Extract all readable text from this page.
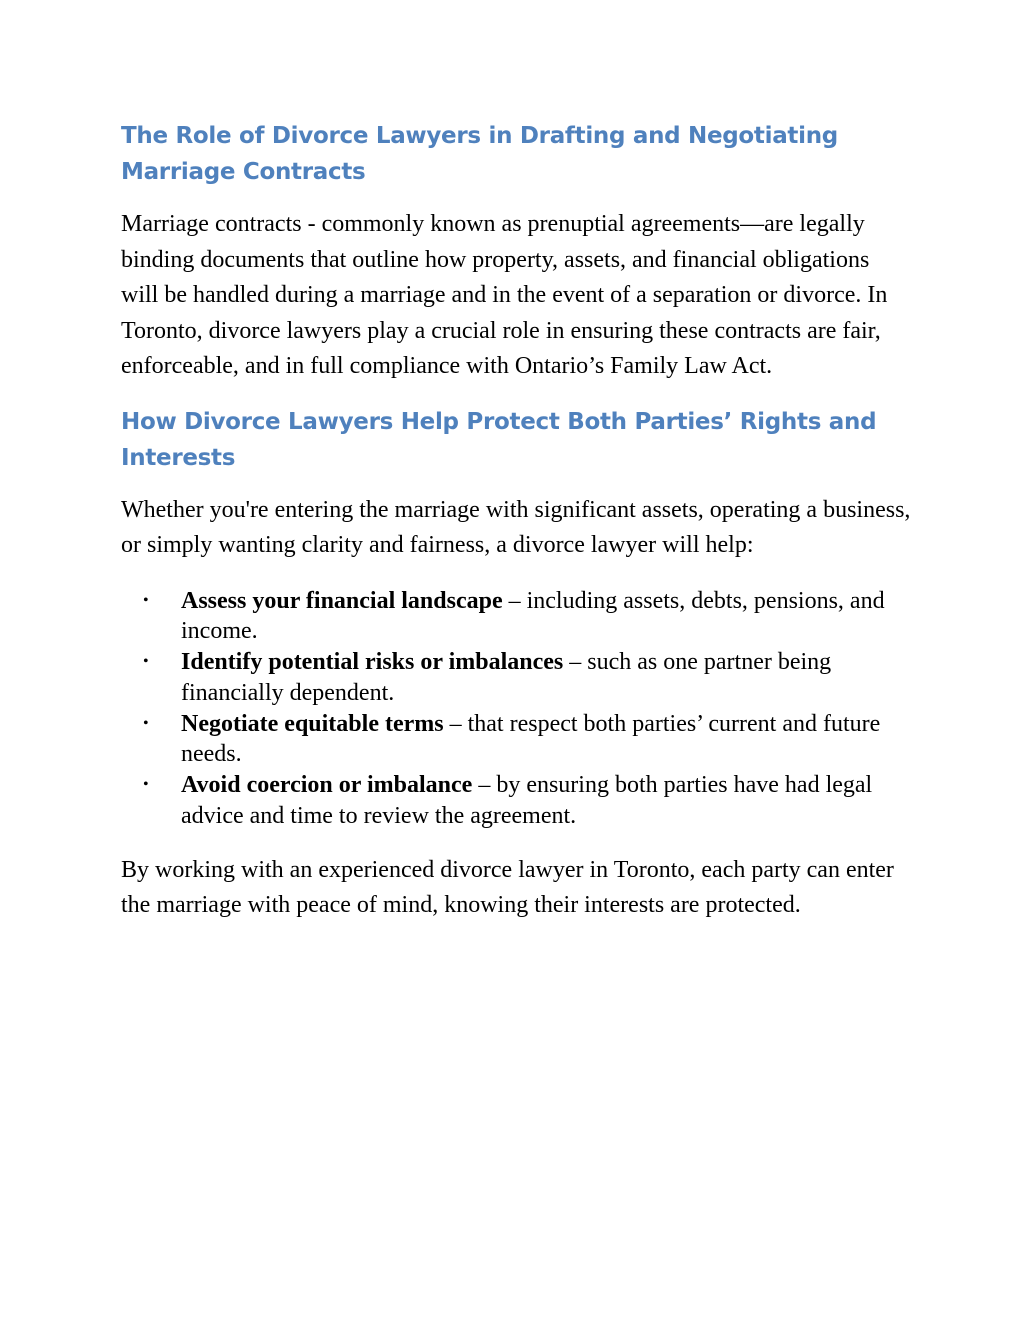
The Role of Divorce Lawyers in Drafting and Negotiating Marriage Contracts

Marriage contracts - commonly known as prenuptial agreements—are legally binding documents that outline how property, assets, and financial obligations will be handled during a marriage and in the event of a separation or divorce. In Toronto, divorce lawyers play a crucial role in ensuring these contracts are fair, enforceable, and in full compliance with Ontario’s Family Law Act.

How Divorce Lawyers Help Protect Both Parties’ Rights and Interests

Whether you're entering the marriage with significant assets, operating a business, or simply wanting clarity and fairness, a divorce lawyer will help:

• Assess your financial landscape – including assets, debts, pensions, and income.
• Identify potential risks or imbalances – such as one partner being financially dependent.
• Negotiate equitable terms – that respect both parties’ current and future needs.
• Avoid coercion or imbalance – by ensuring both parties have had legal advice and time to review the agreement.

By working with an experienced divorce lawyer in Toronto, each party can enter the marriage with peace of mind, knowing their interests are protected.
